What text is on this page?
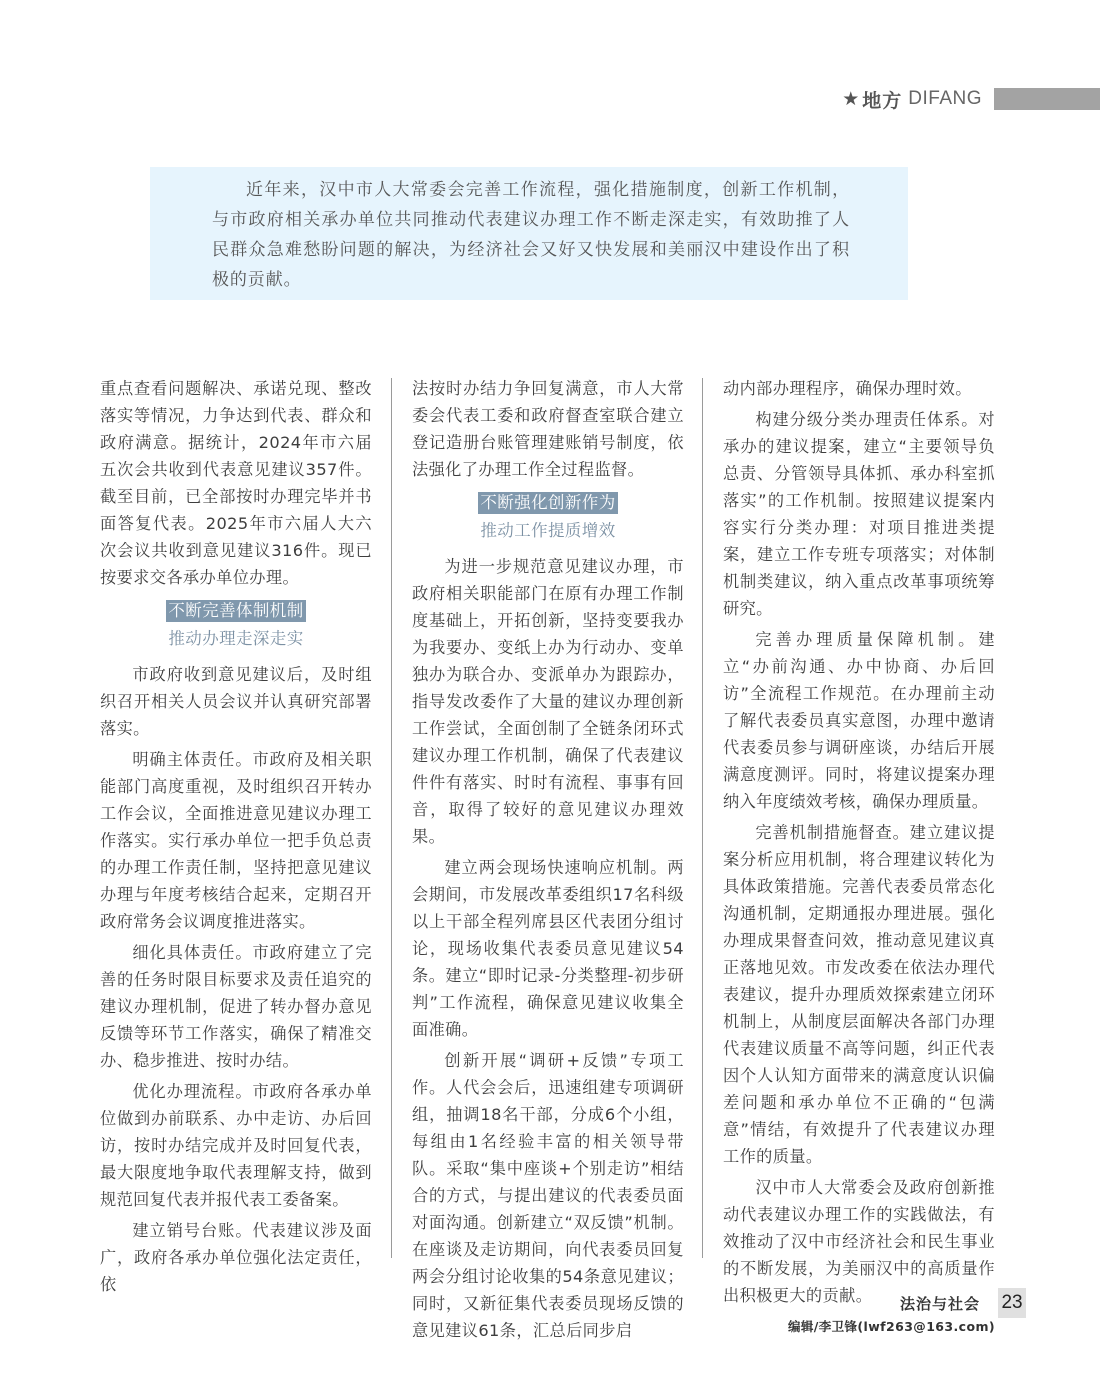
★ 地方 DIFANG

近年来，汉中市人大常委会完善工作流程，强化措施制度，创新工作机制，与市政府相关承办单位共同推动代表建议办理工作不断走深走实，有效助推了人民群众急难愁盼问题的解决，为经济社会又好又快发展和美丽汉中建设作出了积极的贡献。

重点查看问题解决、承诺兑现、整改落实等情况，力争达到代表、群众和政府满意。据统计，2024年市六届五次会共收到代表意见建议357件。截至目前，已全部按时办理完毕并书面答复代表。2025年市六届人大六次会议共收到意见建议316件。现已按要求交各承办单位办理。

不断完善体制机制
推动办理走深走实

市政府收到意见建议后，及时组织召开相关人员会议并认真研究部署落实。

明确主体责任。市政府及相关职能部门高度重视，及时组织召开转办工作会议，全面推进意见建议办理工作落实。实行承办单位一把手负总责的办理工作责任制，坚持把意见建议办理与年度考核结合起来，定期召开政府常务会议调度推进落实。

细化具体责任。市政府建立了完善的任务时限目标要求及责任追究的建议办理机制，促进了转办督办意见反馈等环节工作落实，确保了精准交办、稳步推进、按时办结。

优化办理流程。市政府各承办单位做到办前联系、办中走访、办后回访，按时办结完成并及时回复代表，最大限度地争取代表理解支持，做到规范回复代表并报代表工委备案。

建立销号台账。代表建议涉及面广，政府各承办单位强化法定责任，依

法按时办结力争回复满意，市人大常委会代表工委和政府督查室联合建立登记造册台账管理建账销号制度，依法强化了办理工作全过程监督。

不断强化创新作为
推动工作提质增效

为进一步规范意见建议办理，市政府相关职能部门在原有办理工作制度基础上，开拓创新，坚持变要我办为我要办、变纸上办为行动办、变单独办为联合办、变派单办为跟踪办，指导发改委作了大量的建议办理创新工作尝试，全面创制了全链条闭环式建议办理工作机制，确保了代表建议件件有落实、时时有流程、事事有回音，取得了较好的意见建议办理效果。

建立两会现场快速响应机制。两会期间，市发展改革委组织17名科级以上干部全程列席县区代表团分组讨论，现场收集代表委员意见建议54条。建立“即时记录-分类整理-初步研判”工作流程，确保意见建议收集全面准确。

创新开展“调研+反馈”专项工作。人代会会后，迅速组建专项调研组，抽调18名干部，分成6个小组，每组由1名经验丰富的相关领导带队。采取“集中座谈+个别走访”相结合的方式，与提出建议的代表委员面对面沟通。创新建立“双反馈”机制。在座谈及走访期间，向代表委员回复两会分组讨论收集的54条意见建议；同时，又新征集代表委员现场反馈的意见建议61条，汇总后同步启

动内部办理程序，确保办理时效。

构建分级分类办理责任体系。对承办的建议提案，建立“主要领导负总责、分管领导具体抓、承办科室抓落实”的工作机制。按照建议提案内容实行分类办理：对项目推进类提案，建立工作专班专项落实；对体制机制类建议，纳入重点改革事项统筹研究。

完善办理质量保障机制。建立“办前沟通、办中协商、办后回访”全流程工作规范。在办理前主动了解代表委员真实意图，办理中邀请代表委员参与调研座谈，办结后开展满意度测评。同时，将建议提案办理纳入年度绩效考核，确保办理质量。

完善机制措施督查。建立建议提案分析应用机制，将合理建议转化为具体政策措施。完善代表委员常态化沟通机制，定期通报办理进展。强化办理成果督查问效，推动意见建议真正落地见效。市发改委在依法办理代表建议，提升办理质效探索建立闭环机制上，从制度层面解决各部门办理代表建议质量不高等问题，纠正代表因个人认知方面带来的满意度认识偏差问题和承办单位不正确的“包满意”情结，有效提升了代表建议办理工作的质量。

汉中市人大常委会及政府创新推动代表建议办理工作的实践做法，有效推动了汉中市经济社会和民生事业的不断发展，为美丽汉中的高质量作出积极更大的贡献。

编辑/李卫锋(lwf263@163.com)
法治与社会 23
